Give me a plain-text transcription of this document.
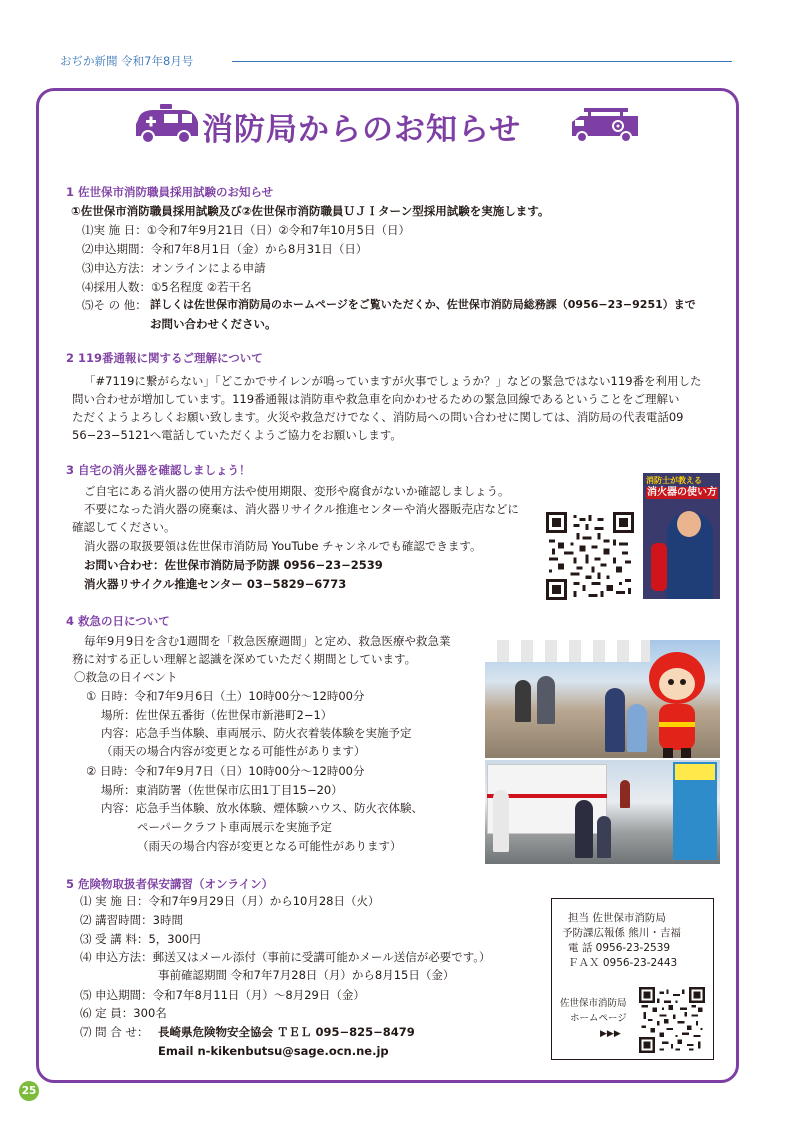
おぢか新聞 令和7年8月号
消防局からのお知らせ
1 佐世保市消防職員採用試験のお知らせ
①佐世保市消防職員採用試験及び②佐世保市消防職員ＵＪＩターン型採用試験を実施します。
⑴実 施 日：①令和7年9月21日（日）②令和7年10月5日（日）
⑵申込期間：令和7年8月1日（金）から8月31日（日）
⑶申込方法：オンラインによる申請
⑷採用人数：①5名程度 ②若干名
⑸そ の 他： 詳しくは佐世保市消防局のホームページをご覧いただくか、佐世保市消防局総務課（0956−23−9251）まで
お問い合わせください。
2 119番通報に関するご理解について
「#7119に繋がらない」「どこかでサイレンが鳴っていますが火事でしょうか？」などの緊急ではない119番を利用した
問い合わせが増加しています。119番通報は消防車や救急車を向かわせるための緊急回線であるということをご理解い
ただくようよろしくお願い致します。火災や救急だけでなく、消防局への問い合わせに関しては、消防局の代表電話09
56−23−5121へ電話していただくようご協力をお願いします。
3 自宅の消火器を確認しましょう！
ご自宅にある消火器の使用方法や使用期限、変形や腐食がないか確認しましょう。
不要になった消火器の廃棄は、消火器リサイクル推進センターや消火器販売店などに
確認してください。
消火器の取扱要領は佐世保市消防局 YouTube チャンネルでも確認できます。
お問い合わせ：佐世保市消防局予防課 0956−23−2539
消火器リサイクル推進センター 03−5829−6773
消防士が教える
消火器の使い方
4 救急の日について
毎年9月9日を含む1週間を「救急医療週間」と定め、救急医療や救急業
務に対する正しい理解と認識を深めていただく期間としています。
〇救急の日イベント
① 日時：令和7年9月6日（土）10時00分〜12時00分
場所：佐世保五番街（佐世保市新港町2−1）
内容：応急手当体験、車両展示、防火衣着装体験を実施予定
（雨天の場合内容が変更となる可能性があります）
② 日時：令和7年9月7日（日）10時00分〜12時00分
場所：東消防署（佐世保市広田1丁目15−20）
内容：応急手当体験、放水体験、煙体験ハウス、防火衣体験、
ペーパークラフト車両展示を実施予定
（雨天の場合内容が変更となる可能性があります）
5 危険物取扱者保安講習（オンライン）
⑴ 実 施 日：令和7年9月29日（月）から10月28日（火）
⑵ 講習時間：3時間
⑶ 受 講 料：5，300円
⑷ 申込方法：郵送又はメール添付（事前に受講可能かメール送信が必要です。）
事前確認期間 令和7年7月28日（月）から8月15日（金）
⑸ 申込期間：令和7年8月11日（月）〜8月29日（金）
⑹ 定 員：300名
⑺ 問 合 せ： 長崎県危険物安全協会 ＴＥＬ 095−825−8479
Email n-kikenbutsu@sage.ocn.ne.jp
担当 佐世保市消防局
予防課広報係 熊川・吉福
電 話 0956-23-2539
ＦＡＸ 0956-23-2443
佐世保市消防局
ホームページ
▶▶▶
25
